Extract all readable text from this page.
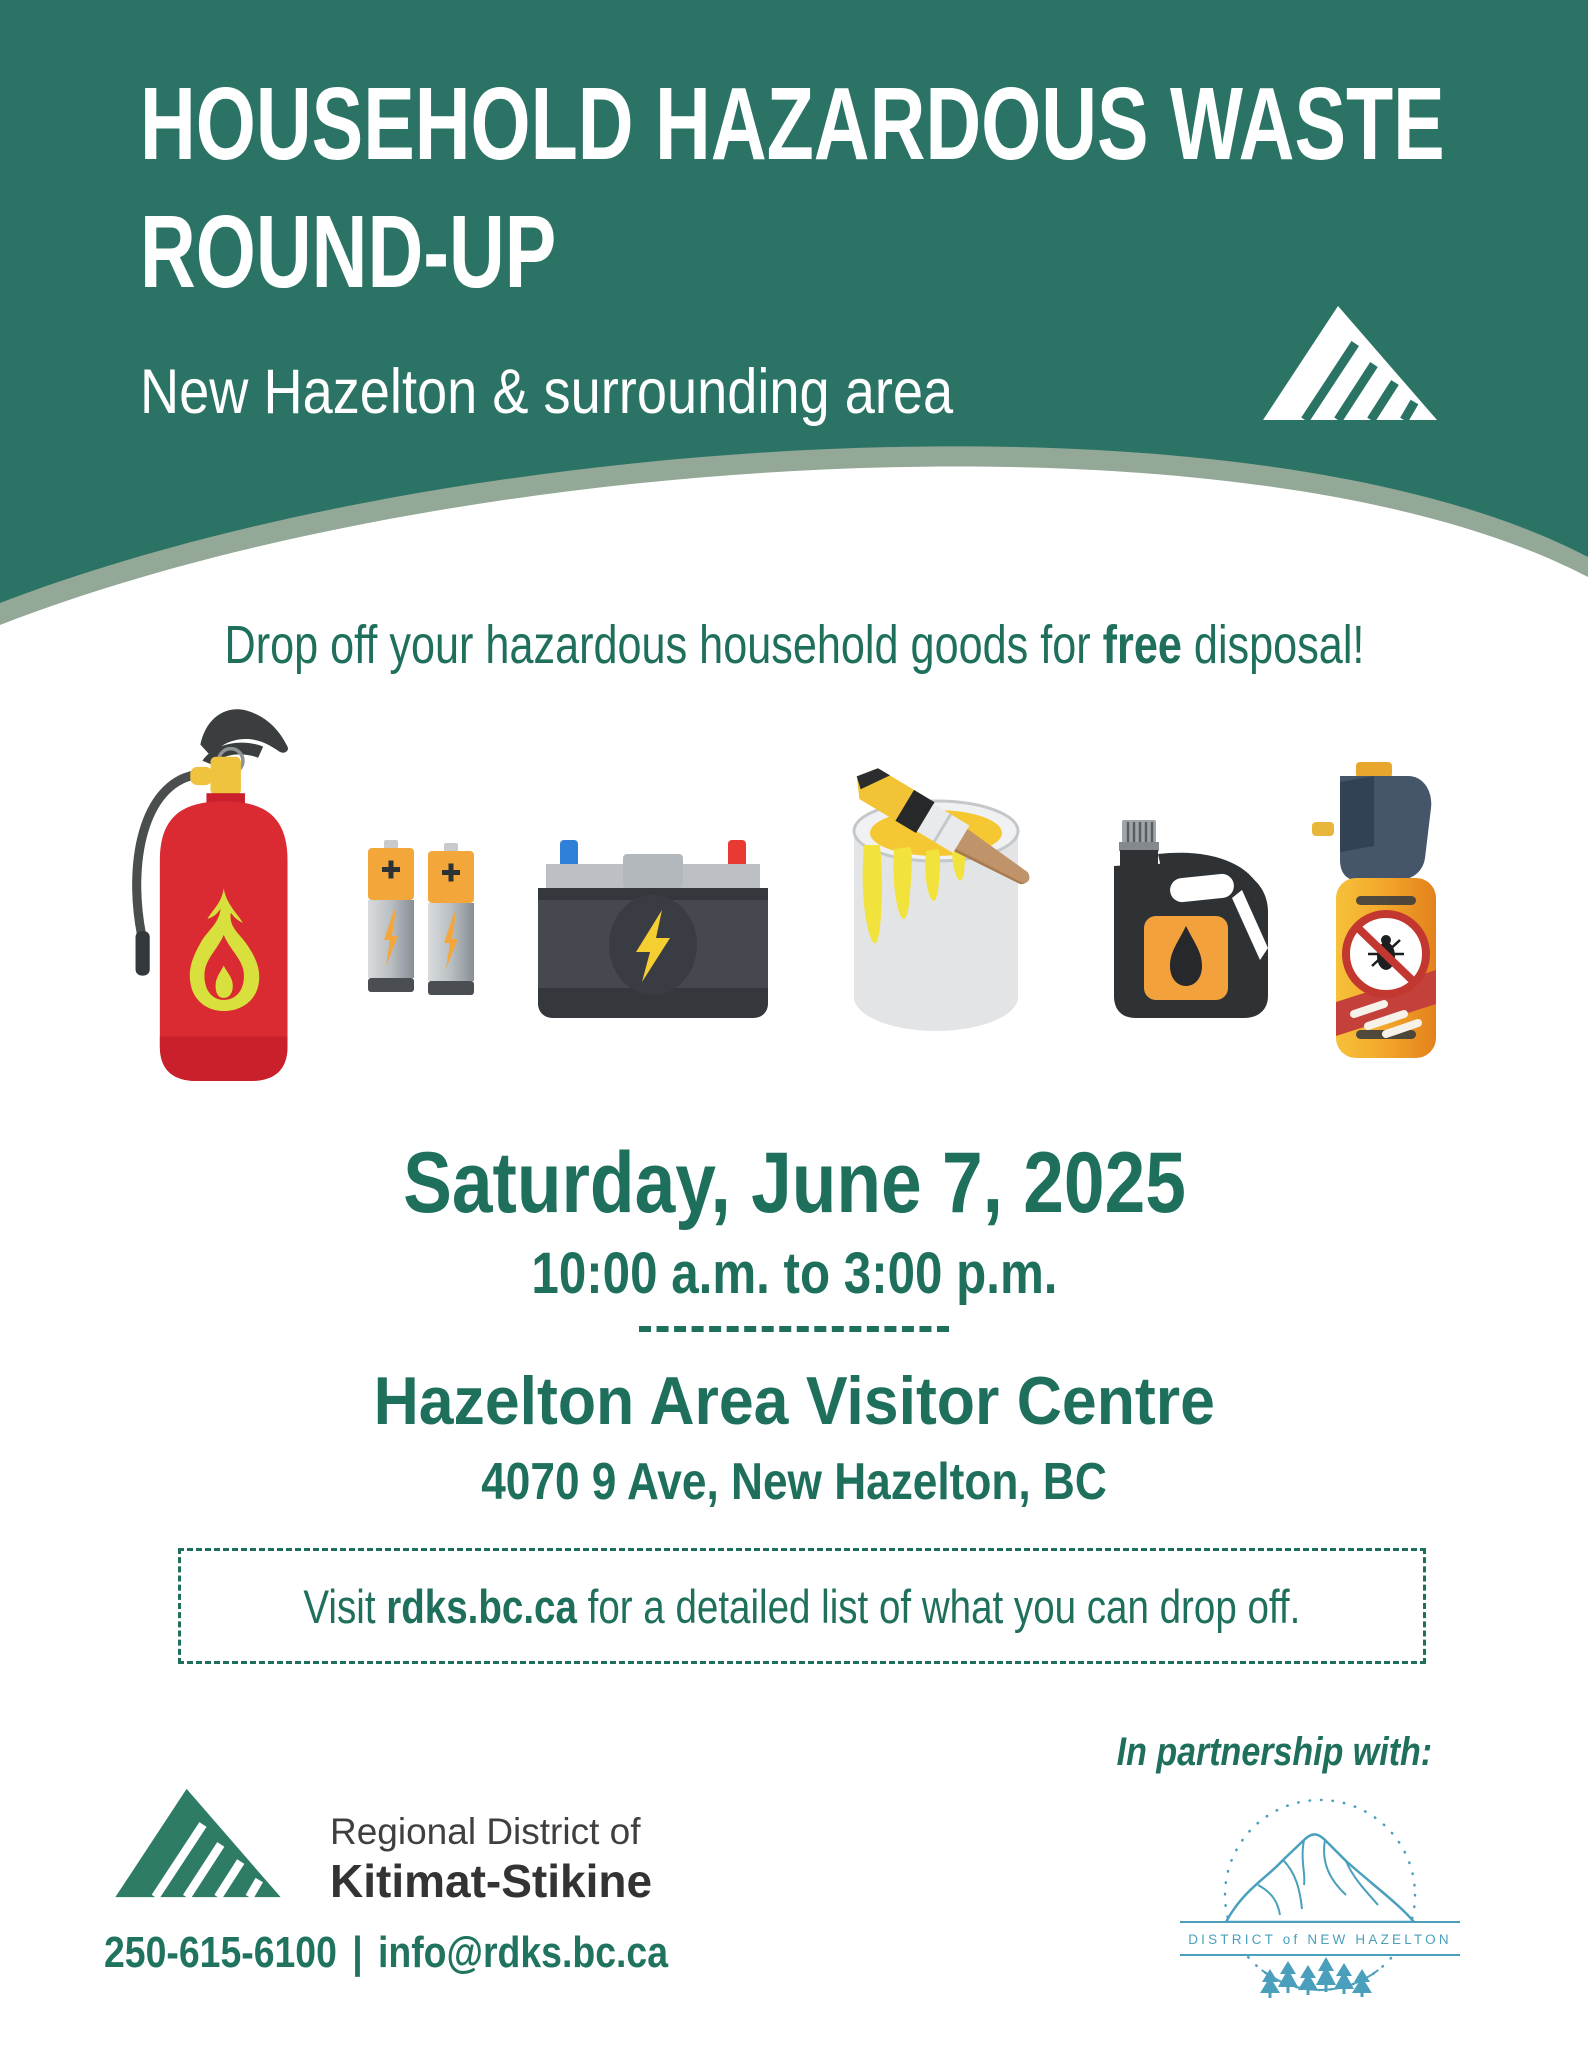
HOUSEHOLD HAZARDOUS WASTE
ROUND-UP
New Hazelton & surrounding area
Drop off your hazardous household goods for free disposal!
Saturday, June 7, 2025
10:00 a.m. to 3:00 p.m.
Hazelton Area Visitor Centre
4070 9 Ave, New Hazelton, BC
Visit rdks.bc.ca for a detailed list of what you can drop off.
In partnership with:
Regional District of
Kitimat-Stikine
250-615-6100 | info@rdks.bc.ca	DISTRICT of NEW HAZELTON
